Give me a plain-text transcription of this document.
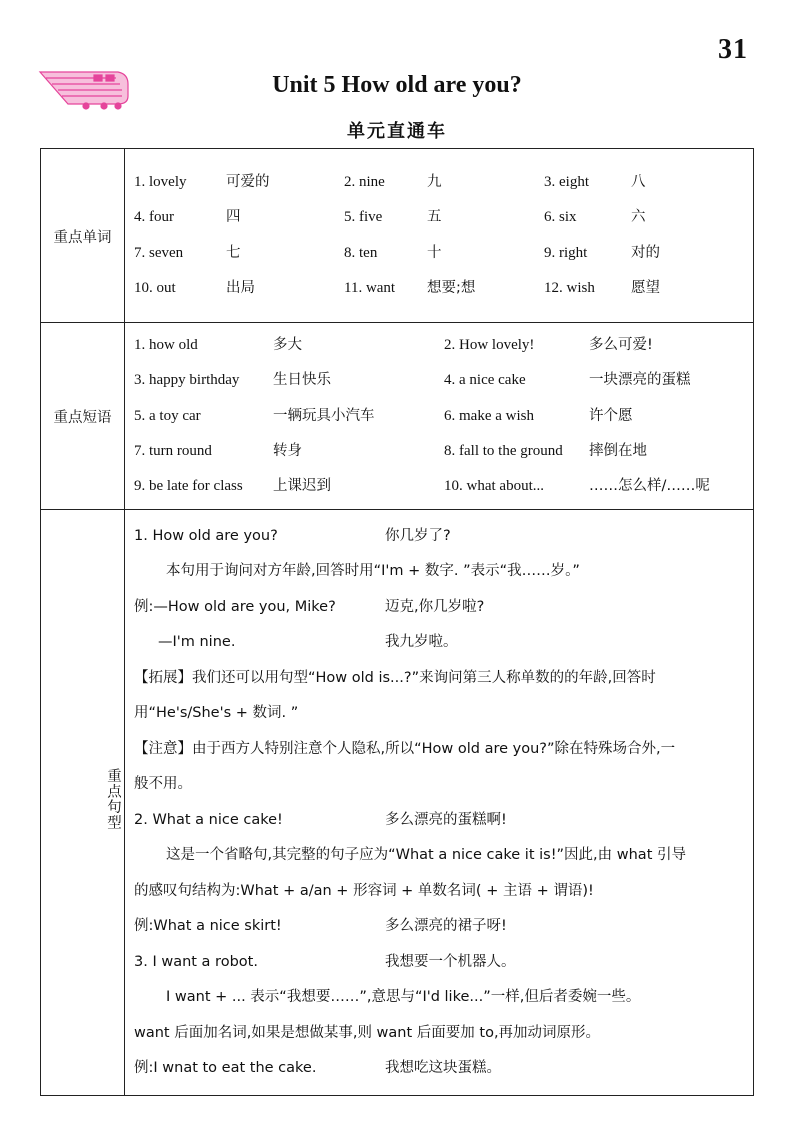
31
Unit 5 How old are you?
单元直通车
重点单词
重点短语
重点句型
1. lovely	可爱的	2. nine	九	3. eight	八
4. four	四	5. five	五	6. six	六
7. seven	七	8. ten	十	9. right	对的
10. out	出局	11. want 想要;想	12. wish 愿望
1. how old	多大	2. How lovely!	多么可爱!
3. happy birthday 生日快乐	4. a nice cake	一块漂亮的蛋糕
5. a toy car	一辆玩具小汽车	6. make a wish	许个愿
7. turn round	转身	8. fall to the ground 摔倒在地
9. be late for class 上课迟到	10. what about...	……怎么样/……呢
1. How old are you?	你几岁了?
本句用于询问对方年龄,回答时用“I'm + 数字. ”表示“我……岁。”
例:—How old are you, Mike?	迈克,你几岁啦?
—I'm nine.	我九岁啦。
【拓展】我们还可以用句型“How old is...?”来询问第三人称单数的的年龄,回答时
用“He's/She's + 数词. ”
【注意】由于西方人特别注意个人隐私,所以“How old are you?”除在特殊场合外,一
般不用。
2. What a nice cake!	多么漂亮的蛋糕啊!
这是一个省略句,其完整的句子应为“What a nice cake it is!”因此,由 what 引导
的感叹句结构为:What + a/an + 形容词 + 单数名词( + 主语 + 谓语)!
例:What a nice skirt!	多么漂亮的裙子呀!
3. I want a robot.	我想要一个机器人。
I want + ... 表示“我想要……”,意思与“I'd like...”一样,但后者委婉一些。
want 后面加名词,如果是想做某事,则 want 后面要加 to,再加动词原形。
例:I wnat to eat the cake.	我想吃这块蛋糕。
